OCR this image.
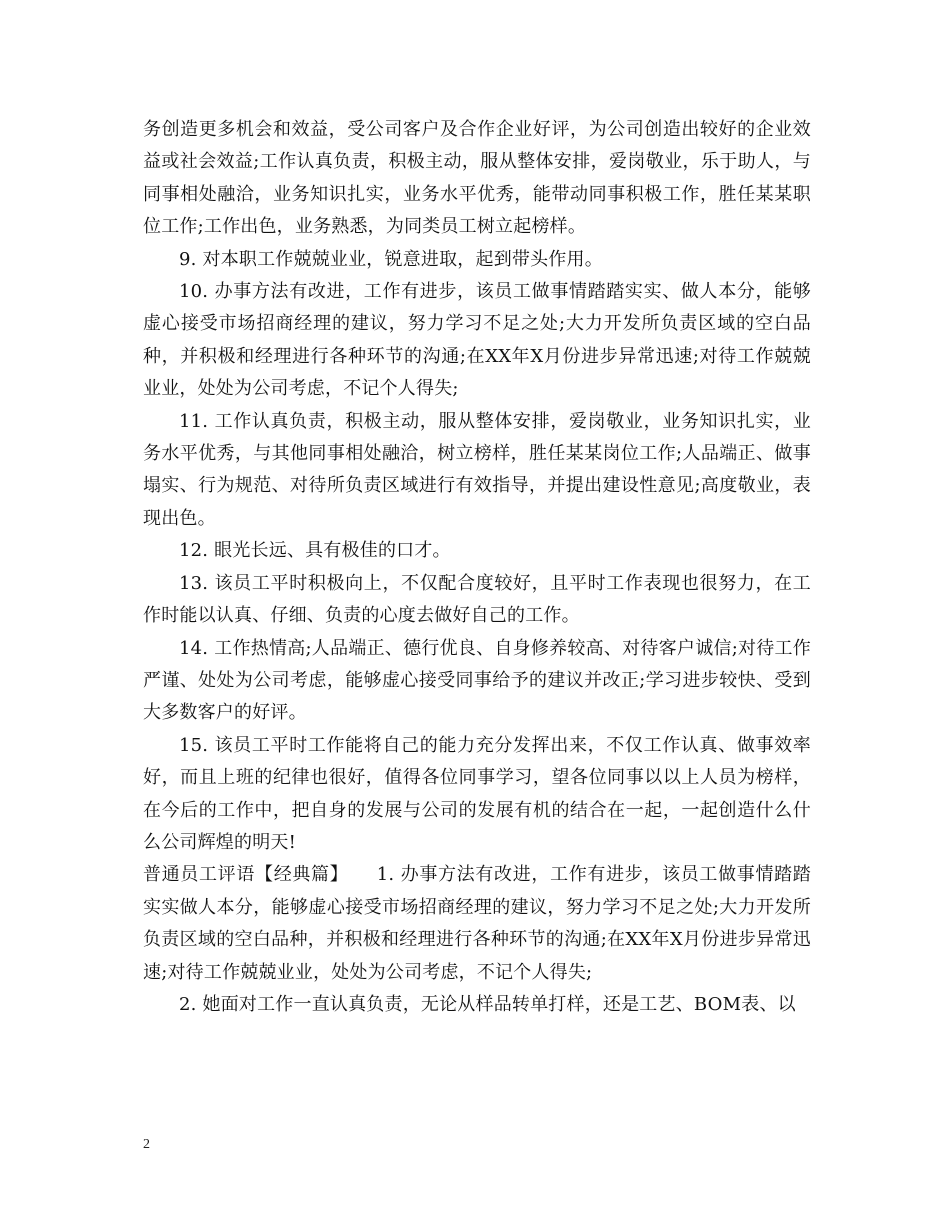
务创造更多机会和效益，受公司客户及合作企业好评，为公司创造出较好的企业效益或社会效益;工作认真负责，积极主动，服从整体安排，爱岗敬业，乐于助人，与同事相处融洽，业务知识扎实，业务水平优秀，能带动同事积极工作，胜任某某职位工作;工作出色，业务熟悉，为同类员工树立起榜样。

9. 对本职工作兢兢业业，锐意进取，起到带头作用。

10. 办事方法有改进，工作有进步，该员工做事情踏踏实实、做人本分，能够虚心接受市场招商经理的建议，努力学习不足之处;大力开发所负责区域的空白品种，并积极和经理进行各种环节的沟通;在XX年X月份进步异常迅速;对待工作兢兢业业，处处为公司考虑，不记个人得失;

11. 工作认真负责，积极主动，服从整体安排，爱岗敬业，业务知识扎实，业务水平优秀，与其他同事相处融洽，树立榜样，胜任某某岗位工作;人品端正、做事塌实、行为规范、对待所负责区域进行有效指导，并提出建设性意见;高度敬业，表现出色。

12. 眼光长远、具有极佳的口才。

13. 该员工平时积极向上，不仅配合度较好，且平时工作表现也很努力，在工作时能以认真、仔细、负责的心度去做好自己的工作。

14. 工作热情高;人品端正、德行优良、自身修养较高、对待客户诚信;对待工作严谨、处处为公司考虑，能够虚心接受同事给予的建议并改正;学习进步较快、受到大多数客户的好评。

15. 该员工平时工作能将自己的能力充分发挥出来，不仅工作认真、做事效率好，而且上班的纪律也很好，值得各位同事学习，望各位同事以以上人员为榜样，在今后的工作中，把自身的发展与公司的发展有机的结合在一起，一起创造什么什么公司辉煌的明天!

普通员工评语【经典篇】　　1. 办事方法有改进，工作有进步，该员工做事情踏踏实实做人本分，能够虚心接受市场招商经理的建议，努力学习不足之处;大力开发所负责区域的空白品种，并积极和经理进行各种环节的沟通;在XX年X月份进步异常迅速;对待工作兢兢业业，处处为公司考虑，不记个人得失;

2. 她面对工作一直认真负责，无论从样品转单打样，还是工艺、BOM表、以

2
